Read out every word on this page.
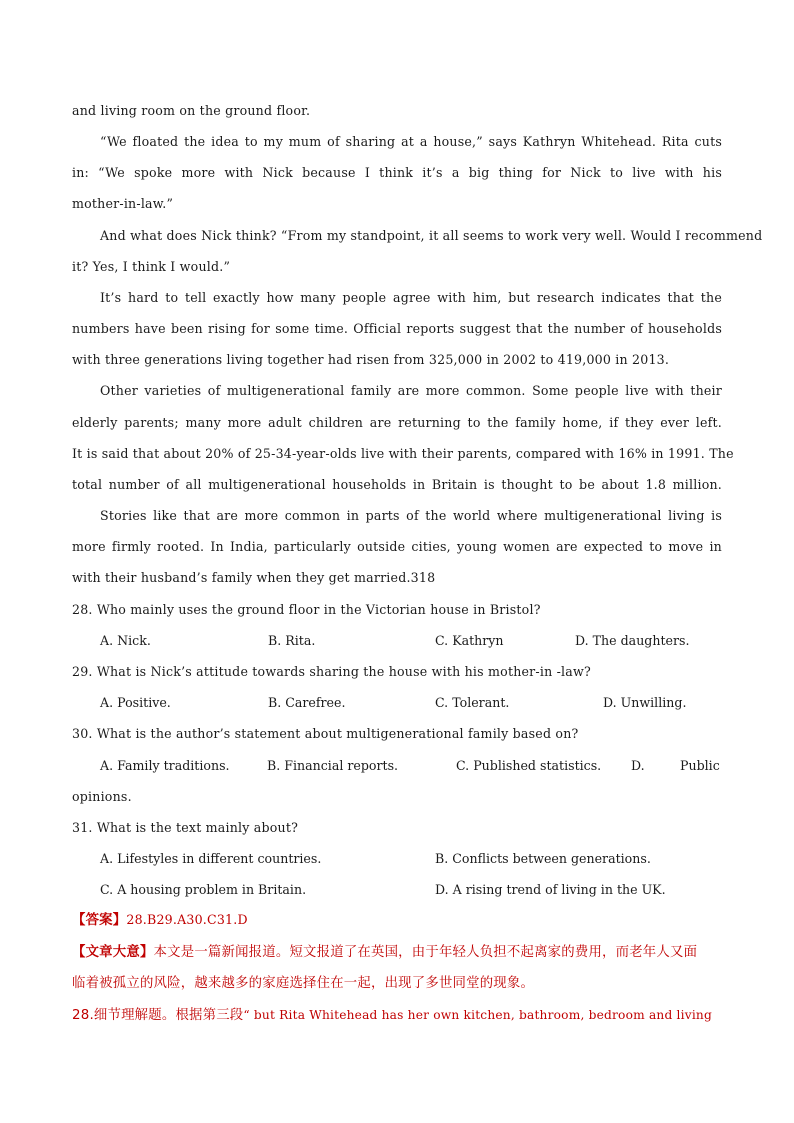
and living room on the ground floor.
“We floated the idea to my mum of sharing at a house,” says Kathryn Whitehead. Rita cuts
in: “We spoke more with Nick because I think it’s a big thing for Nick to live with his
mother-in-law.”
And what does Nick think? “From my standpoint, it all seems to work very well. Would I recommend
it? Yes, I think I would.”
It’s hard to tell exactly how many people agree with him, but research indicates that the
numbers have been rising for some time. Official reports suggest that the number of households
with three generations living together had risen from 325,000 in 2002 to 419,000 in 2013.
Other varieties of multigenerational family are more common. Some people live with their
elderly parents; many more adult children are returning to the family home, if they ever left.
It is said that about 20% of 25-34-year-olds live with their parents, compared with 16% in 1991. The
total number of all multigenerational households in Britain is thought to be about 1.8 million.
Stories like that are more common in parts of the world where multigenerational living is
more firmly rooted. In India, particularly outside cities, young women are expected to move in
with their husband’s family when they get married.318
28. Who mainly uses the ground floor in the Victorian house in Bristol?
A. Nick.	B. Rita.	C. Kathryn	D. The daughters.
29. What is Nick’s attitude towards sharing the house with his mother-in -law?
A. Positive.	B. Carefree.	C. Tolerant.	D. Unwilling.
30. What is the author’s statement about multigenerational family based on?
A. Family traditions.	B. Financial reports.	C. Published statistics. D.	Public
opinions.
31. What is the text mainly about?
A. Lifestyles in different countries.	B. Conflicts between generations.
C. A housing problem in Britain.	D. A rising trend of living in the UK.
【答案】28.B29.A30.C31.D
【文章大意】本文是一篇新闻报道。短文报道了在英国，由于年轻人负担不起离家的费用，而老年人又面
临着被孤立的风险，越来越多的家庭选择住在一起，出现了多世同堂的现象。
28.细节理解题。根据第三段“ but Rita Whitehead has her own kitchen, bathroom, bedroom and living
